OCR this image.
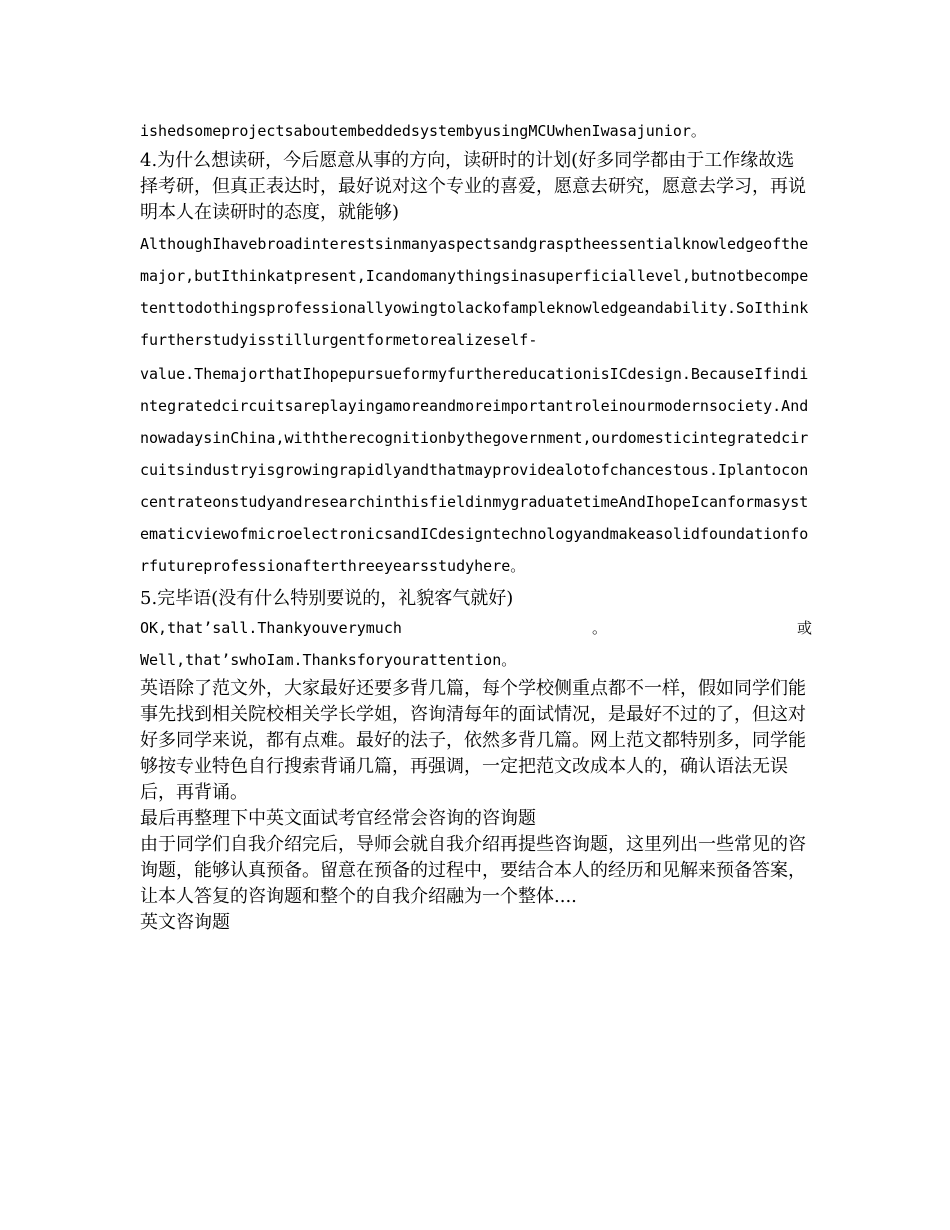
ishedsomeprojectsaboutembeddedsystembyusingMCUwhenIwasajunior。

4.为什么想读研，今后愿意从事的方向，读研时的计划(好多同学都由于工作缘故选择考研，但真正表达时，最好说对这个专业的喜爱，愿意去研究，愿意去学习，再说明本人在读研时的态度，就能够)

AlthoughIhavebroadinterestsinmanyaspectsandgrasptheessentialknowledgeofthemajor,butIthinkatpresent,Icandomanythingsinasuperficiallevel,butnotbecompetenttodothingsprofessionallyowingtolackofampleknowledgeandability.SoIthinkfurtherstudyisstillurgentformetorealizeself-

value.ThemajorthatIhopepursueformyfurthereducationisICdesign.BecauseIfindintegratedcircuitsareplayingamoreandmoreimportantroleinourmodernsociety.AndnowadaysinChina,withtherecognitionbythegovernment,ourdomesticintegratedcircuitsindustryisgrowingrapidlyandthatmayprovidealotofchancestous.IplantoconcentrateonstudyandresearchinthisfieldinmygraduatetimeAndIhopeIcanformasystematicviewofmicroelectronicsandICdesigntechnologyandmakeasolidfoundationforfutureprofessionafterthreeyearsstudyhere。

5.完毕语(没有什么特别要说的，礼貌客气就好)

OK,that’sall.Thankyouverymuch	。	或

Well,that’swhoIam.Thanksforyourattention。

英语除了范文外，大家最好还要多背几篇，每个学校侧重点都不一样，假如同学们能事先找到相关院校相关学长学姐，咨询清每年的面试情况，是最好不过的了，但这对好多同学来说，都有点难。最好的法子，依然多背几篇。网上范文都特别多，同学能够按专业特色自行搜索背诵几篇，再强调，一定把范文改成本人的，确认语法无误后，再背诵。

最后再整理下中英文面试考官经常会咨询的咨询题

由于同学们自我介绍完后，导师会就自我介绍再提些咨询题，这里列出一些常见的咨询题，能够认真预备。留意在预备的过程中，要结合本人的经历和见解来预备答案，让本人答复的咨询题和整个的自我介绍融为一个整体....

英文咨询题
